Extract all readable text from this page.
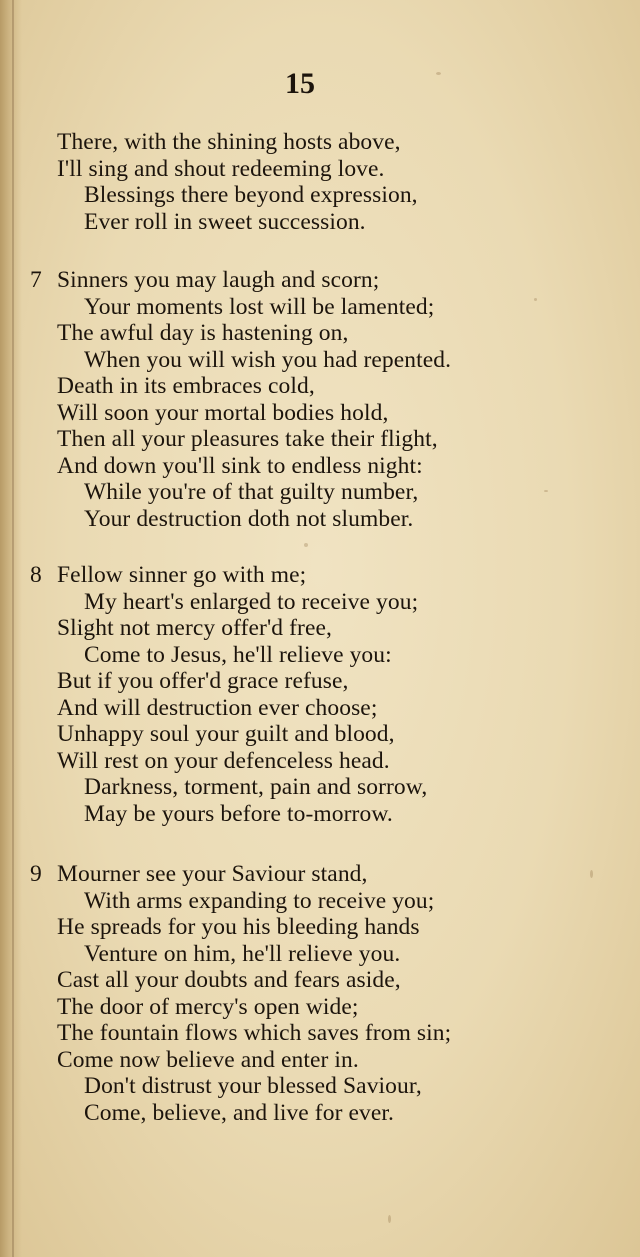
15
There, with the shining hosts above,
I'll sing and shout redeeming love.
Blessings there beyond expression,
Ever roll in sweet succession.
7 Sinners you may laugh and scorn;
Your moments lost will be lamented;
The awful day is hastening on,
When you will wish you had repented.
Death in its embraces cold,
Will soon your mortal bodies hold,
Then all your pleasures take their flight,
And down you'll sink to endless night:
While you're of that guilty number,
Your destruction doth not slumber.
8 Fellow sinner go with me;
My heart's enlarged to receive you;
Slight not mercy offer'd free,
Come to Jesus, he'll relieve you:
But if you offer'd grace refuse,
And will destruction ever choose;
Unhappy soul your guilt and blood,
Will rest on your defenceless head.
Darkness, torment, pain and sorrow,
May be yours before to-morrow.
9 Mourner see your Saviour stand,
With arms expanding to receive you;
He spreads for you his bleeding hands
Venture on him, he'll relieve you.
Cast all your doubts and fears aside,
The door of mercy's open wide;
The fountain flows which saves from sin;
Come now believe and enter in.
Don't distrust your blessed Saviour,
Come, believe, and live for ever.
